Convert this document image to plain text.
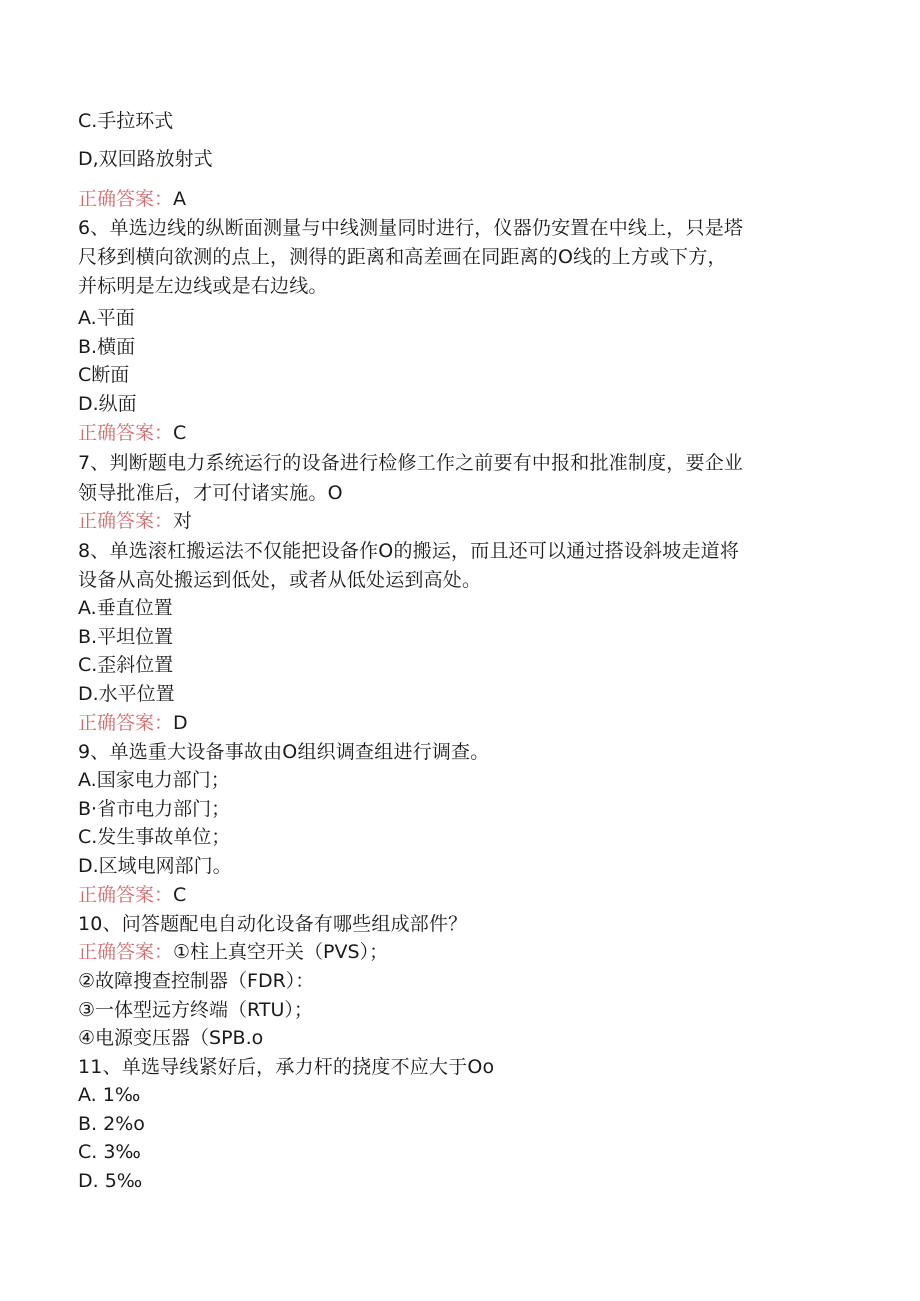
C.手拉环式
D,双回路放射式
正确答案：A
6、单选边线的纵断面测量与中线测量同时进行，仪器仍安置在中线上，只是塔
尺移到横向欲测的点上，测得的距离和高差画在同距离的O线的上方或下方，
并标明是左边线或是右边线。
A.平面
B.横面
C断面
D.纵面
正确答案：C
7、判断题电力系统运行的设备进行检修工作之前要有中报和批准制度，要企业
领导批准后，才可付诸实施。O
正确答案：对
8、单选滚杠搬运法不仅能把设备作O的搬运，而且还可以通过搭设斜坡走道将
设备从高处搬运到低处，或者从低处运到高处。
A.垂直位置
B.平坦位置
C.歪斜位置
D.水平位置
正确答案：D
9、单选重大设备事故由O组织调查组进行调查。
A.国家电力部门；
B·省市电力部门；
C.发生事故单位；
D.区域电网部门。
正确答案：C
10、问答题配电自动化设备有哪些组成部件？
正确答案：①柱上真空开关（PVS）；
②故障搜查控制器（FDR）：
③一体型远方终端（RTU）；
④电源变压器（SPB.o
11、单选导线紧好后，承力杆的挠度不应大于Oo
A. 1‰
B. 2%o
C. 3‰
D. 5‰
